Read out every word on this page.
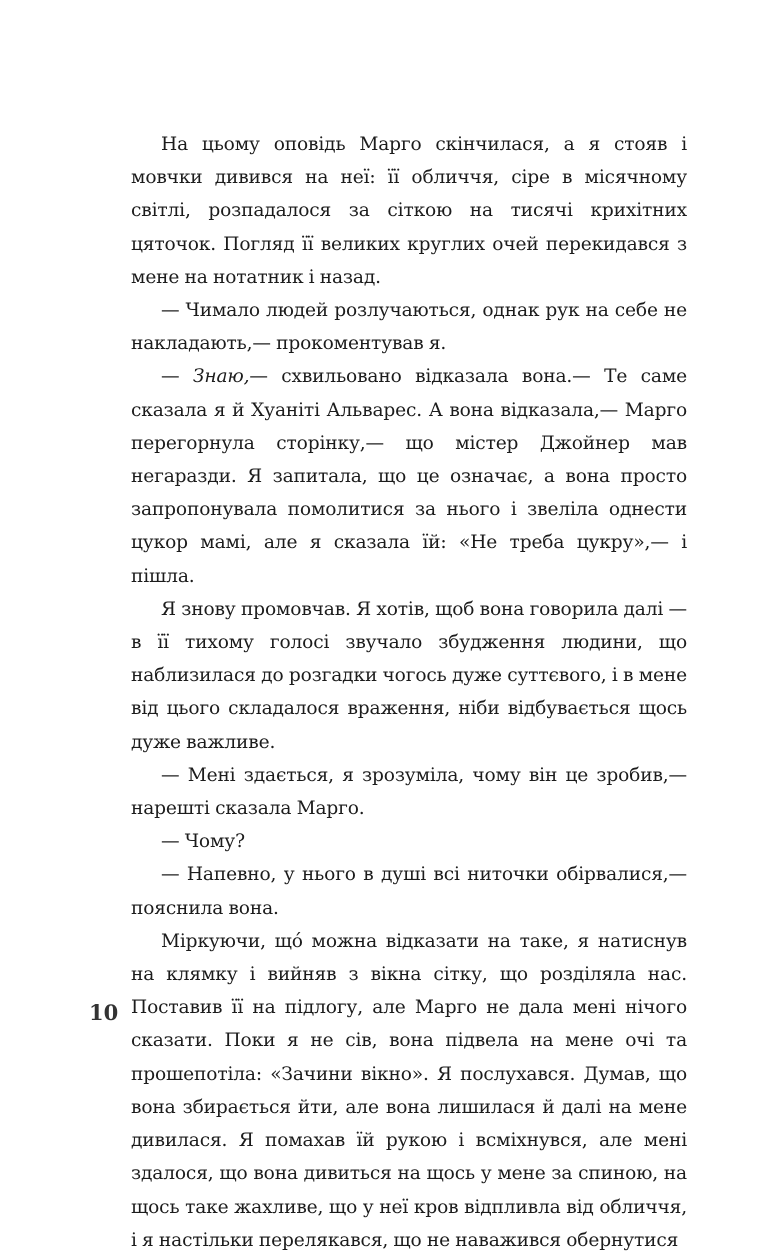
На цьому оповідь Марго скінчилася, а я стояв і мовчки дивився на неї: її обличчя, сіре в місячному світлі, розпадалося за сіткою на тисячі крихітних цяточок. Погляд її великих круглих очей перекидався з мене на нотатник і назад.

— Чимало людей розлучаються, однак рук на себе не накладають,— прокоментував я.

— Знаю,— схвильовано відказала вона.— Те саме сказала я й Хуаніті Альварес. А вона відказала,— Марго перегорнула сторінку,— що містер Джойнер мав негаразди. Я запитала, що це означає, а вона просто запропонувала помолитися за нього і звеліла однести цукор мамі, але я сказала їй: «Не треба цукру»,— і пішла.

Я знову промовчав. Я хотів, щоб вона говорила далі — в її тихому голосі звучало збудження людини, що наблизилася до розгадки чогось дуже суттєвого, і в мене від цього складалося враження, ніби відбувається щось дуже важливе.

— Мені здається, я зрозуміла, чому він це зробив,— нарешті сказала Марго.

— Чому?

— Напевно, у нього в душі всі ниточки обірвалися,— пояснила вона.

Міркуючи, що́ можна відказати на таке, я натиснув на клямку і вийняв з вікна сітку, що розділяла нас. Поставив її на підлогу, але Марго не дала мені нічого сказати. Поки я не сів, вона підвела на мене очі та прошепотіла: «Зачини вікно». Я послухався. Думав, що вона збирається йти, але вона лишилася й далі на мене дивилася. Я помахав їй рукою і всміхнувся, але мені здалося, що вона дивиться на щось у мене за спиною, на щось таке жахливе, що у неї кров відпливла від обличчя, і я настільки перелякався, що не наважився обернутися

10
